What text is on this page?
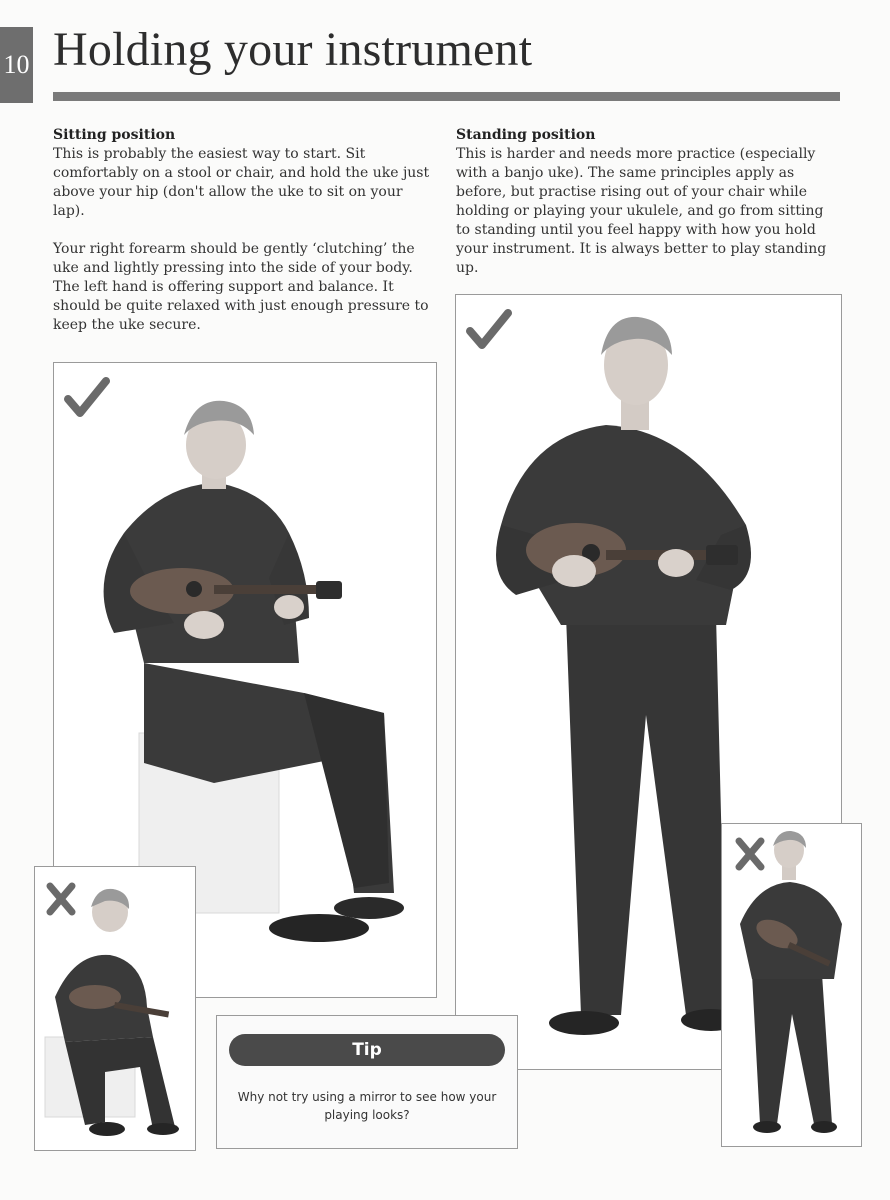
10 Holding your instrument
Sitting position

This is probably the easiest way to start. Sit comfortably on a stool or chair, and hold the uke just above your hip (don't allow the uke to sit on your lap).

Your right forearm should be gently ‘clutching’ the uke and lightly pressing into the side of your body. The left hand is offering support and balance. It should be quite relaxed with just enough pressure to keep the uke secure.

Standing position

This is harder and needs more practice (especially with a banjo uke). The same principles apply as before, but practise rising out of your chair while holding or playing your ukulele, and go from sitting to standing until you feel happy with how you hold your instrument. It is always better to play standing up.

Tip
Why not try using a mirror to see how your playing looks?
